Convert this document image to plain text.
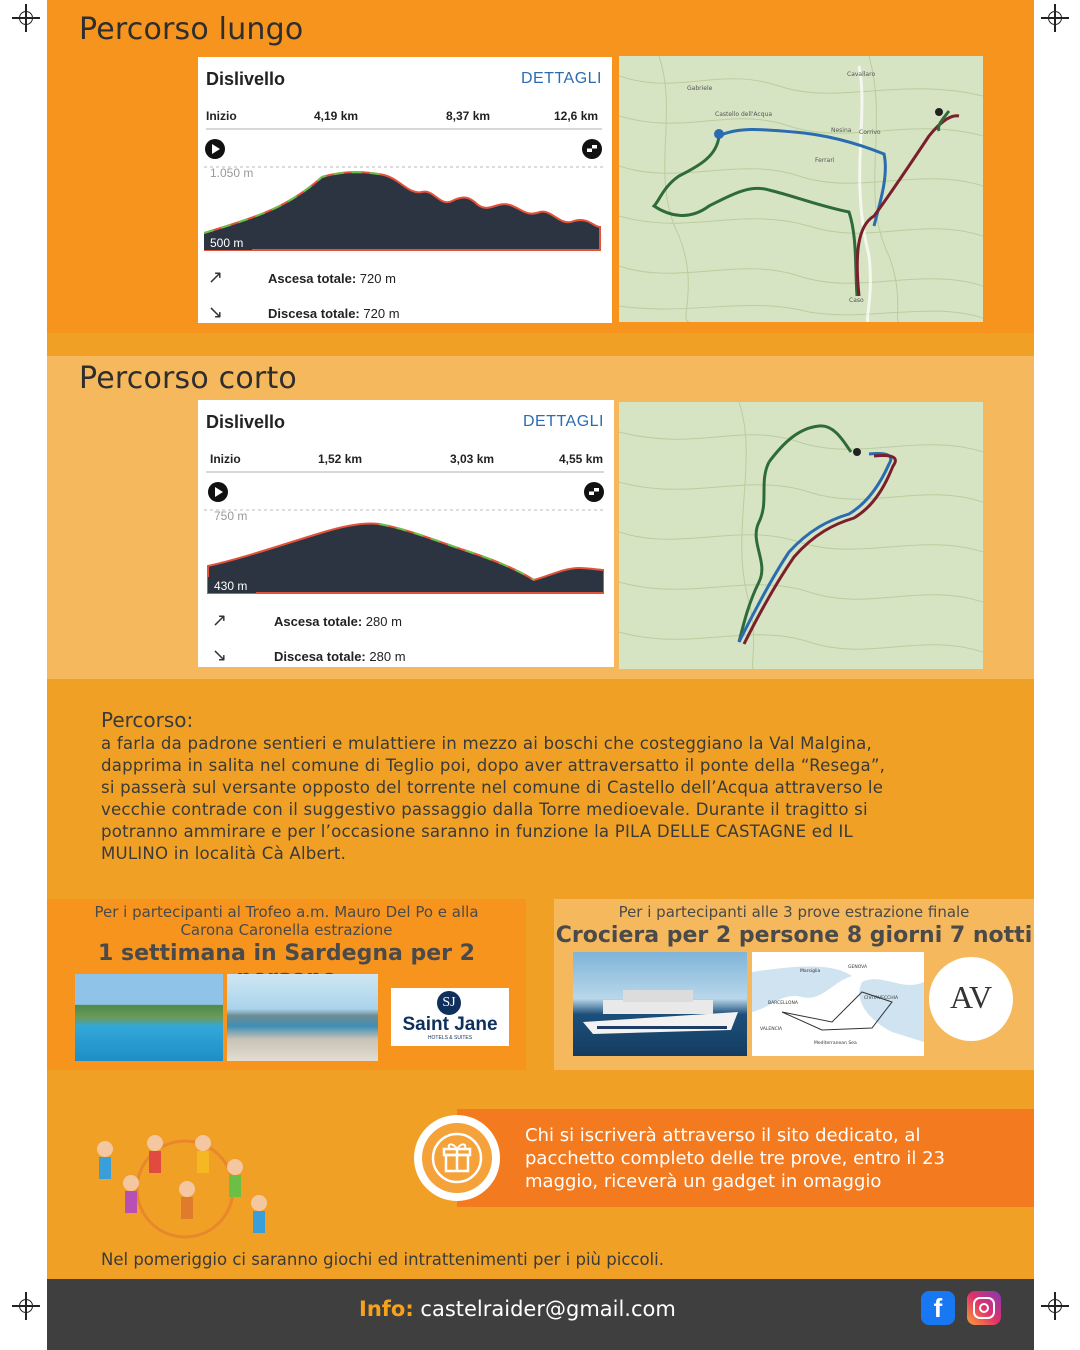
Percorso lungo
Dislivello	DETTAGLI
Inizio	4,19 km	8,37 km	12,6 km
1.050 m
500 m
↗	Ascesa totale: 720 m
↘	Discesa totale: 720 m
Gabriele
Castello dell'Acqua
Cavallaro
Nesina Corrivo
Ferrari
Caso
Percorso corto
Dislivello	DETTAGLI
Inizio	1,52 km	3,03 km	4,55 km
750 m
430 m
↗	Ascesa totale: 280 m
↘	Discesa totale: 280 m
Percorso:
a farla da padrone sentieri e mulattiere in mezzo ai boschi che costeggiano la Val Malgina,
dapprima in salita nel comune di Teglio poi, dopo aver attraversatto il ponte della “Resega”,
si passerà sul versante opposto del torrente nel comune di Castello dell’Acqua attraverso le
vecchie contrade con il suggestivo passaggio dalla Torre medioevale. Durante il tragitto si
potranno ammirare e per l’occasione saranno in funzione la PILA DELLE CASTAGNE ed IL
MULINO in località Cà Albert.
Per i partecipanti al Trofeo a.m. Mauro Del Po e alla
Carona Caronella estrazione
1 settimana in Sardegna per 2
SJ
Saint Jane
HOTELS & SUITES
Per i partecipanti alle 3 prove estrazione finale
Crociera per 2 persone 8 giorni 7 notti
Marsiglia
GENOVA
BARCELLONA
VALENCIA
CIVITAVECCHIA
Mediterranean Sea
AV
Chi si iscriverà attraverso il sito dedicato, al pacchetto completo delle tre prove, entro il 23 maggio, riceverà un gadget in omaggio
Nel pomeriggio ci saranno giochi ed intrattenimenti per i più piccoli.
Info: castelraider@gmail.com	f
